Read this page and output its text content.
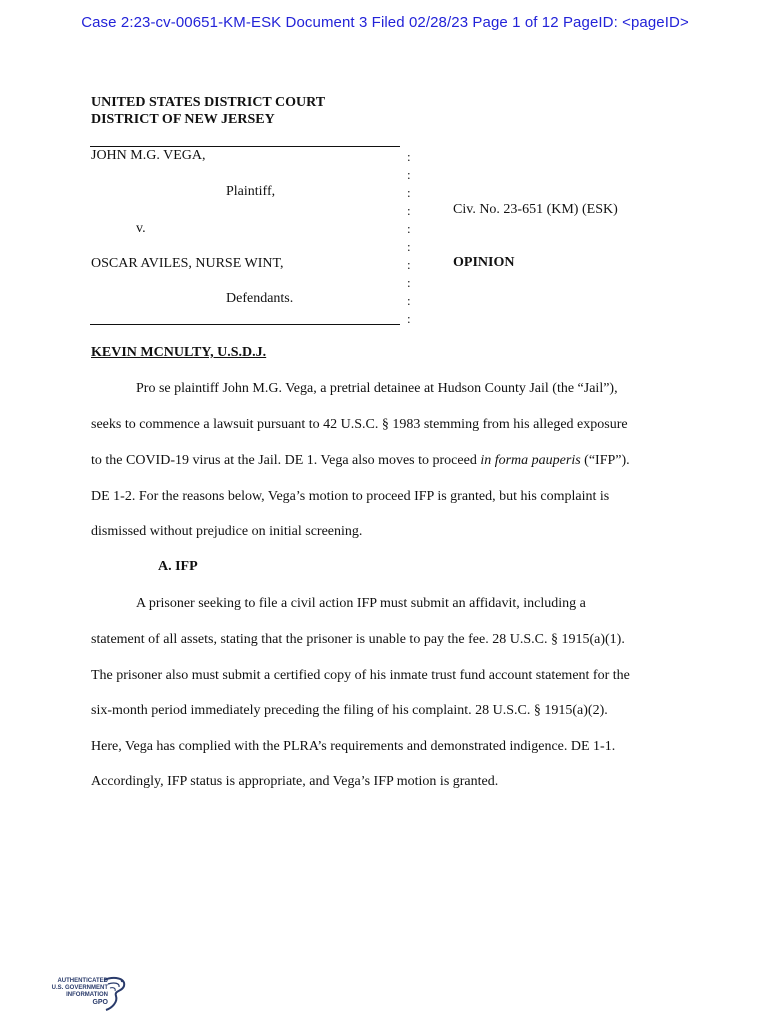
Case 2:23-cv-00651-KM-ESK Document 3 Filed 02/28/23 Page 1 of 12 PageID: <pageID>
UNITED STATES DISTRICT COURT
DISTRICT OF NEW JERSEY
JOHN M.G. VEGA,
Plaintiff,
v.
OSCAR AVILES, NURSE WINT,
Defendants.
:
:
:
:
:
:
:
:
:
:
Civ. No. 23-651 (KM) (ESK)
OPINION
KEVIN MCNULTY, U.S.D.J.
Pro se plaintiff John M.G. Vega, a pretrial detainee at Hudson County Jail (the “Jail”),
seeks to commence a lawsuit pursuant to 42 U.S.C. § 1983 stemming from his alleged exposure
to the COVID-19 virus at the Jail. DE 1. Vega also moves to proceed in forma pauperis (“IFP”).
DE 1-2. For the reasons below, Vega’s motion to proceed IFP is granted, but his complaint is
dismissed without prejudice on initial screening.
A. IFP
A prisoner seeking to file a civil action IFP must submit an affidavit, including a
statement of all assets, stating that the prisoner is unable to pay the fee. 28 U.S.C. § 1915(a)(1).
The prisoner also must submit a certified copy of his inmate trust fund account statement for the
six-month period immediately preceding the filing of his complaint. 28 U.S.C. § 1915(a)(2).
Here, Vega has complied with the PLRA’s requirements and demonstrated indigence. DE 1-1.
Accordingly, IFP status is appropriate, and Vega’s IFP motion is granted.
AUTHENTICATED
U.S. GOVERNMENT
INFORMATION
GPO
